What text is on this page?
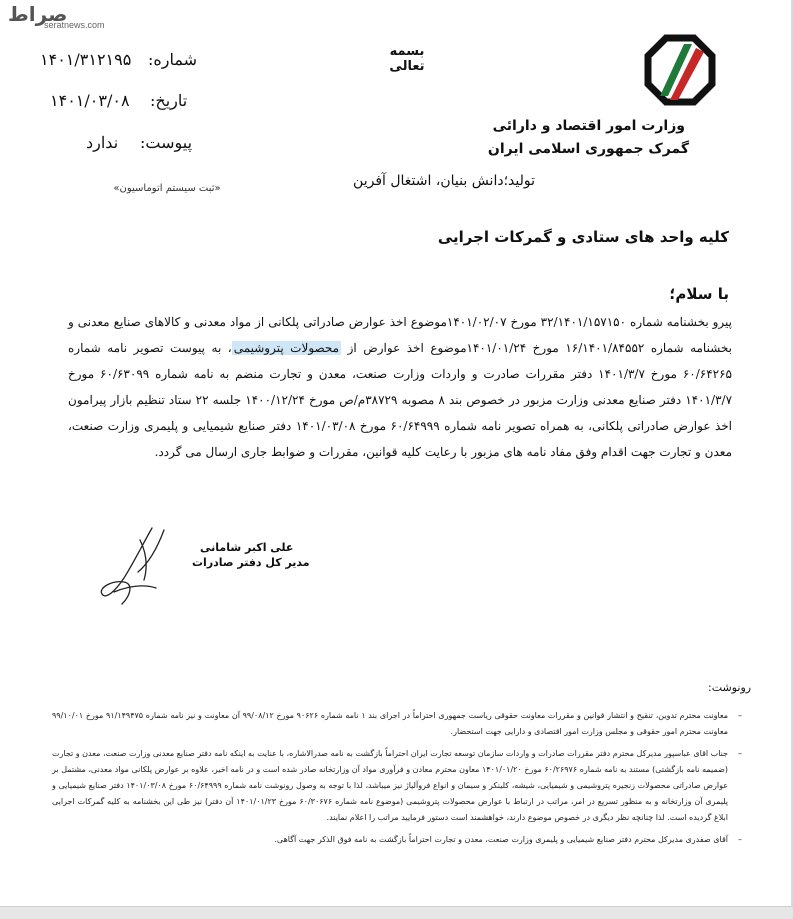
صراط
seratnews.com
بسمه تعالی
وزارت امور اقتصاد و دارائی
گمرک جمهوری اسلامی ایران
شماره:
۱۴۰۱/۳۱۲۱۹۵
تاریخ:
۱۴۰۱/۰۳/۰۸
پیوست:
ندارد
«ثبت سیستم اتوماسیون»	تولید؛دانش بنیان، اشتغال آفرین
کلیه واحد های ستادی و گمرکات اجرایی
با سلام؛
پیرو بخشنامه شماره ۳۲/۱۴۰۱/۱۵۷۱۵۰ مورخ ۱۴۰۱/۰۲/۰۷موضوع اخذ عوارض صادراتی پلکانی از مواد معدنی و کالاهای صنایع معدنی و بخشنامه شماره ۱۶/۱۴۰۱/۸۴۵۵۲ مورخ ۱۴۰۱/۰۱/۲۴موضوع اخذ عوارض از محصولات پتروشیمی، به پیوست تصویر نامه شماره ۶۰/۶۴۲۶۵ مورخ ۱۴۰۱/۳/۷ دفتر مقررات صادرت و واردات وزارت صنعت، معدن و تجارت منضم به نامه شماره ۶۰/۶۳۰۹۹ مورخ ۱۴۰۱/۳/۷ دفتر صنایع معدنی وزارت مزبور در خصوص بند ۸ مصوبه ۳۸۷۲۹م/ص مورخ ۱۴۰۰/۱۲/۲۴ جلسه ۲۲ ستاد تنظیم بازار پیرامون اخذ عوارض صادراتی پلکانی، به همراه تصویر نامه شماره ۶۰/۶۴۹۹۹ مورخ ۱۴۰۱/۰۳/۰۸ دفتر صنایع شیمیایی و پلیمری وزارت صنعت، معدن و تجارت جهت اقدام وفق مفاد نامه های مزبور با رعایت کلیه قوانین، مقررات و ضوابط جاری ارسال می گردد.
علی اکبر شامانی
مدیر کل دفتر صادرات
رونوشت:
– معاونت محترم تدوین، تنقیح و انتشار قوانین و مقررات معاونت حقوقی ریاست جمهوری احتراماً در اجرای بند ۱ نامه شماره ۹۰۶۲۶ مورخ ۹۹/۰۸/۱۲ آن معاونت و نیز نامه شماره ۹۱/۱۴۹۴۷۵ مورخ ۹۹/۱۰/۰۱ معاونت محترم امور حقوقی و مجلس وزارت امور اقتصادی و دارایی جهت استحضار.
– جناب اقای عباسپور مدیرکل محترم دفتر مقررات صادرات و واردات سازمان توسعه تجارت ایران احتراماً بازگشت به نامه صدرالاشاره، با عنایت به اینکه نامه دفتر صنایع معدنی وزارت صنعت، معدن و تجارت (ضمیمه نامه بازگشتی) مستند به نامه شماره ۶۰/۲۶۹۷۶ مورخ ۱۴۰۱/۰۱/۲۰ معاون محترم معادن و فرآوری مواد آن وزارتخانه صادر شده است و در نامه اخیر، علاوه بر عوارض پلکانی مواد معدنی، مشتمل بر عوارض صادراتی محصولات زنجیره پتروشیمی و شیمیایی، شیشه، کلینکر و سیمان و انواع فروآلیاژ نیز میباشد، لذا با توجه به وصول رونوشت نامه شماره ۶۰/۶۴۹۹۹ مورخ ۱۴۰۱/۰۳/۰۸ دفتر صنایع شیمیایی و پلیمری آن وزارتخانه و به منظور تسریع در امر، مراتب در ارتباط با عوارض محصولات پتروشیمی (موضوع نامه شماره ۶۰/۳۰۶۷۶ مورخ ۱۴۰۱/۰۱/۲۳ آن دفتر) نیز طی این بخشنامه به کلیه گمرکات اجرایی ابلاغ گردیده است. لذا چنانچه نظر دیگری در خصوص موضوع دارند، خواهشمند است دستور فرمایید مراتب را اعلام نمایند.
– آقای صفدری مدیرکل محترم دفتر صنایع شیمیایی و پلیمری وزارت صنعت، معدن و تجارت احتراماً بازگشت به نامه فوق الذکر جهت آگاهی.
